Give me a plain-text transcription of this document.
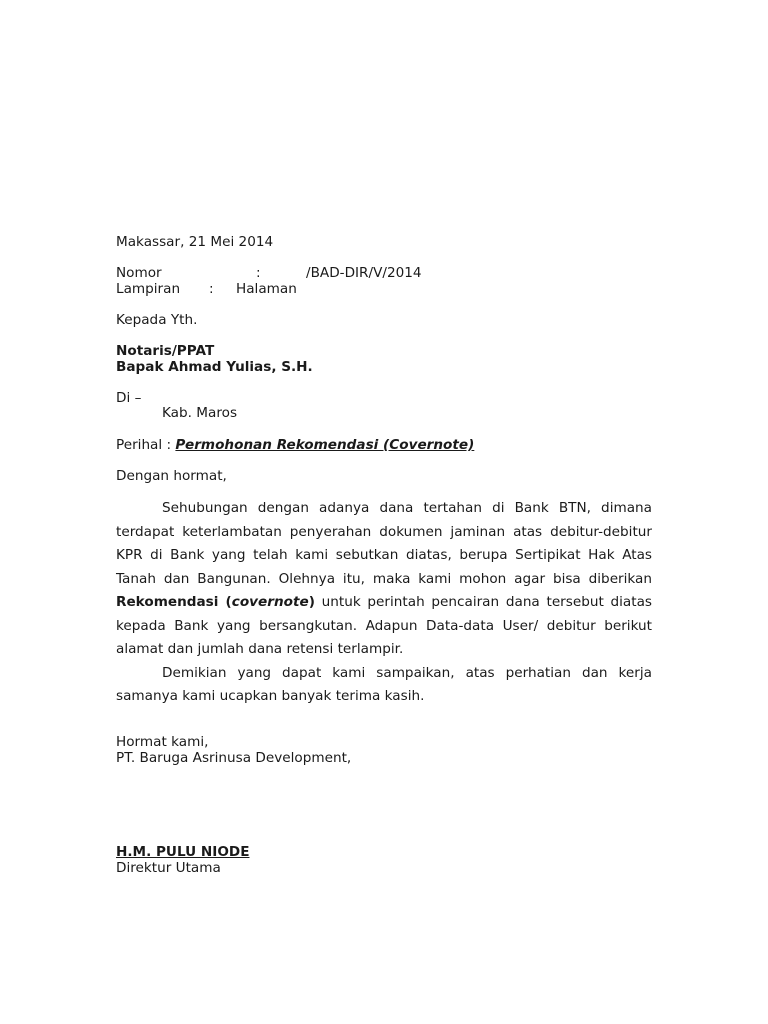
Makassar, 21 Mei 2014
Nomor	:	/BAD-DIR/V/2014
Lampiran : Halaman
Kepada Yth.
Notaris/PPAT
Bapak Ahmad Yulias, S.H.
Di –
Kab. Maros
Perihal : Permohonan Rekomendasi (Covernote)
Dengan hormat,

Sehubungan dengan adanya dana tertahan di Bank BTN, dimana terdapat keterlambatan penyerahan dokumen jaminan atas debitur-debitur KPR di Bank yang telah kami sebutkan diatas, berupa Sertipikat Hak Atas Tanah dan Bangunan. Olehnya itu, maka kami mohon agar bisa diberikan Rekomendasi (covernote) untuk perintah pencairan dana tersebut diatas kepada Bank yang bersangkutan. Adapun Data-data User/ debitur berikut alamat dan jumlah dana retensi terlampir.

Demikian yang dapat kami sampaikan, atas perhatian dan kerja samanya kami ucapkan banyak terima kasih.

Hormat kami,
PT. Baruga Asrinusa Development,
H.M. PULU NIODE
Direktur Utama
